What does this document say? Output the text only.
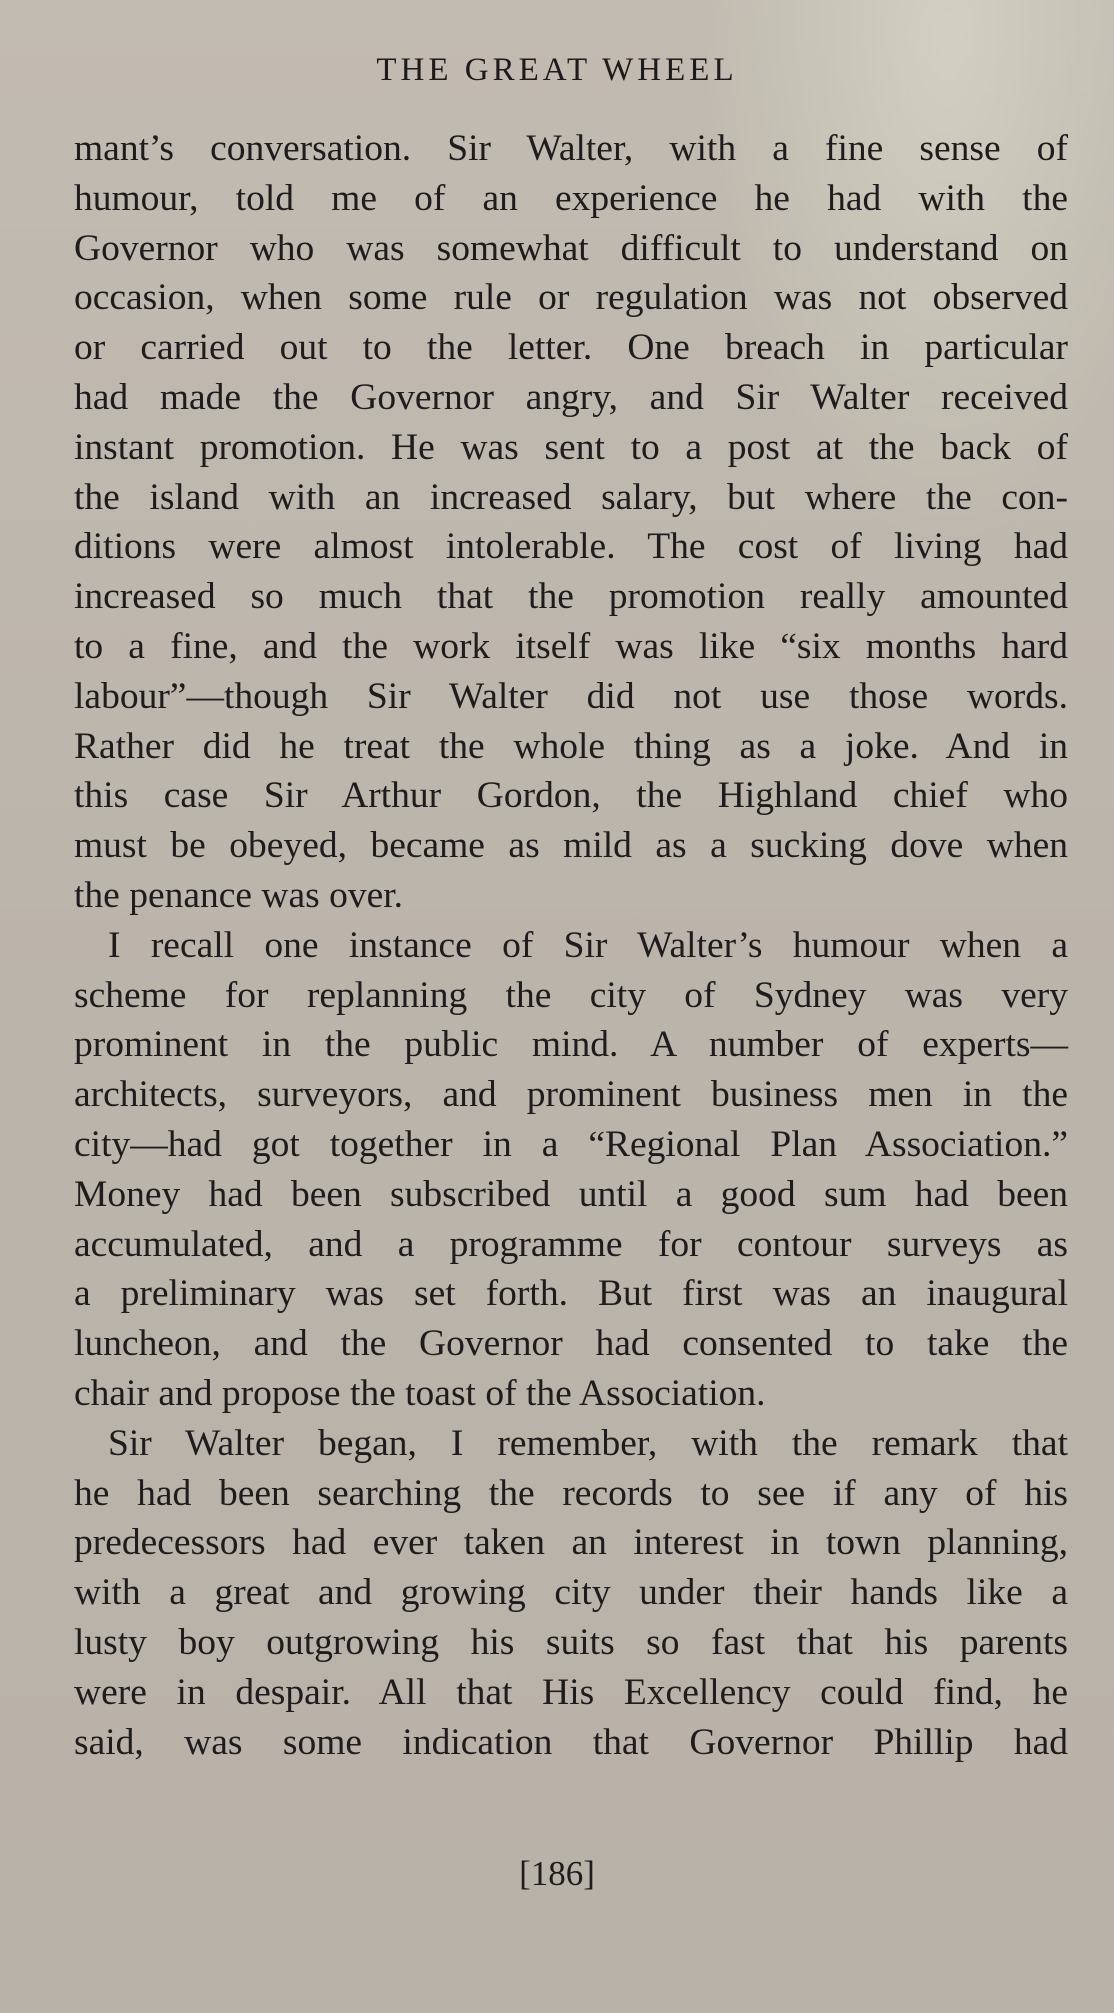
THE GREAT WHEEL
mant’s conversation. Sir Walter, with a fine sense of
humour, told me of an experience he had with the
Governor who was somewhat difficult to understand on
occasion, when some rule or regulation was not observed
or carried out to the letter. One breach in particular
had made the Governor angry, and Sir Walter received
instant promotion. He was sent to a post at the back of
the island with an increased salary, but where the con-
ditions were almost intolerable. The cost of living had
increased so much that the promotion really amounted
to a fine, and the work itself was like “six months hard
labour”—though Sir Walter did not use those words.
Rather did he treat the whole thing as a joke. And in
this case Sir Arthur Gordon, the Highland chief who
must be obeyed, became as mild as a sucking dove when
the penance was over.
I recall one instance of Sir Walter’s humour when a
scheme for replanning the city of Sydney was very
prominent in the public mind. A number of experts—
architects, surveyors, and prominent business men in the
city—had got together in a “Regional Plan Association.”
Money had been subscribed until a good sum had been
accumulated, and a programme for contour surveys as
a preliminary was set forth. But first was an inaugural
luncheon, and the Governor had consented to take the
chair and propose the toast of the Association.
Sir Walter began, I remember, with the remark that
he had been searching the records to see if any of his
predecessors had ever taken an interest in town planning,
with a great and growing city under their hands like a
lusty boy outgrowing his suits so fast that his parents
were in despair. All that His Excellency could find, he
said, was some indication that Governor Phillip had
[186]
